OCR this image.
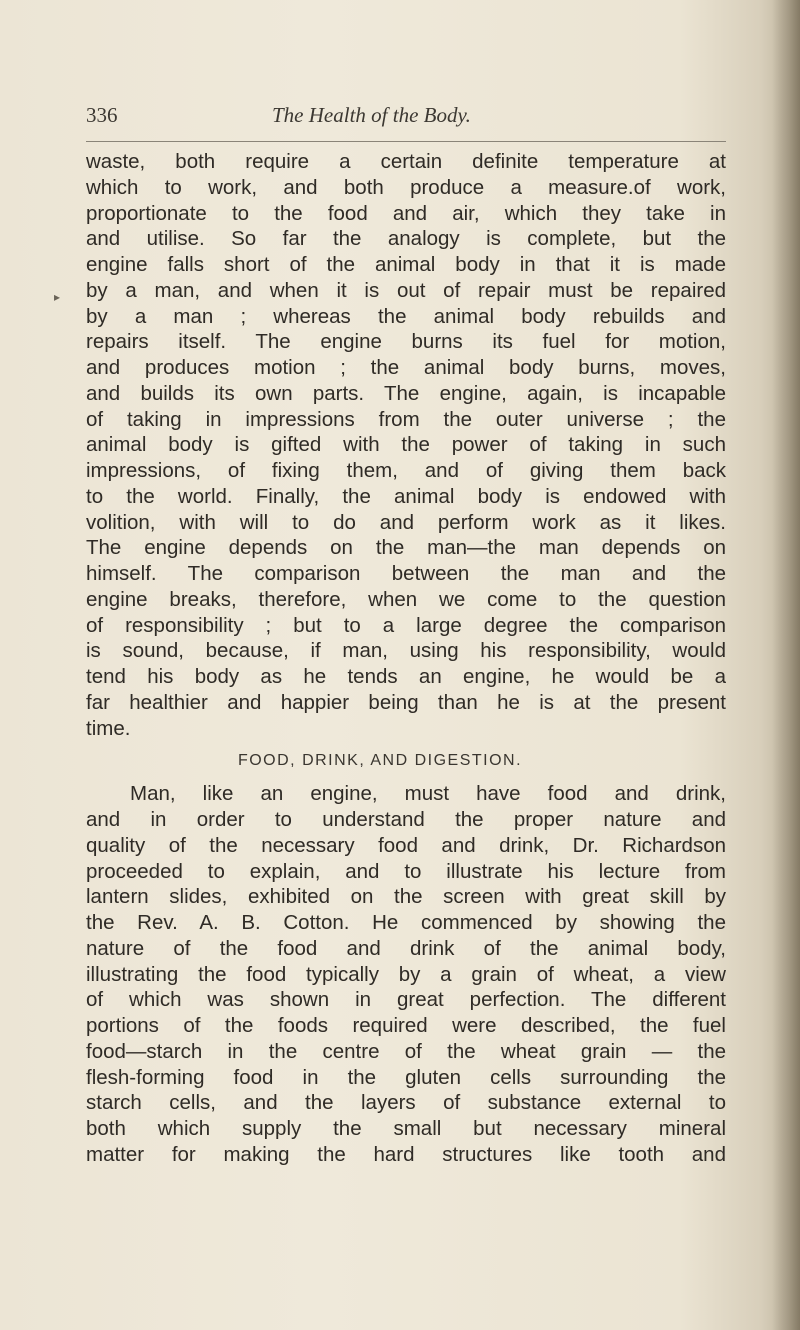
336	The Health of the Body.
▸
waste, both require a certain definite temperature at
which to work, and both produce a measure.of work,
proportionate to the food and air, which they take in
and utilise. So far the analogy is complete, but the
engine falls short of the animal body in that it is made
by a man, and when it is out of repair must be repaired
by a man ; whereas the animal body rebuilds and
repairs itself. The engine burns its fuel for motion,
and produces motion ; the animal body burns, moves,
and builds its own parts. The engine, again, is incapable
of taking in impressions from the outer universe ; the
animal body is gifted with the power of taking in such
impressions, of fixing them, and of giving them back
to the world. Finally, the animal body is endowed with
volition, with will to do and perform work as it likes.
The engine depends on the man—the man depends on
himself. The comparison between the man and the
engine breaks, therefore, when we come to the question
of responsibility ; but to a large degree the comparison
is sound, because, if man, using his responsibility, would
tend his body as he tends an engine, he would be a
far healthier and happier being than he is at the present
time.
FOOD, DRINK, AND DIGESTION.
Man, like an engine, must have food and drink,
and in order to understand the proper nature and
quality of the necessary food and drink, Dr. Richardson
proceeded to explain, and to illustrate his lecture from
lantern slides, exhibited on the screen with great skill by
the Rev. A. B. Cotton. He commenced by showing the
nature of the food and drink of the animal body,
illustrating the food typically by a grain of wheat, a view
of which was shown in great perfection. The different
portions of the foods required were described, the fuel
food—starch in the centre of the wheat grain — the
flesh-forming food in the gluten cells surrounding the
starch cells, and the layers of substance external to
both which supply the small but necessary mineral
matter for making the hard structures like tooth and
